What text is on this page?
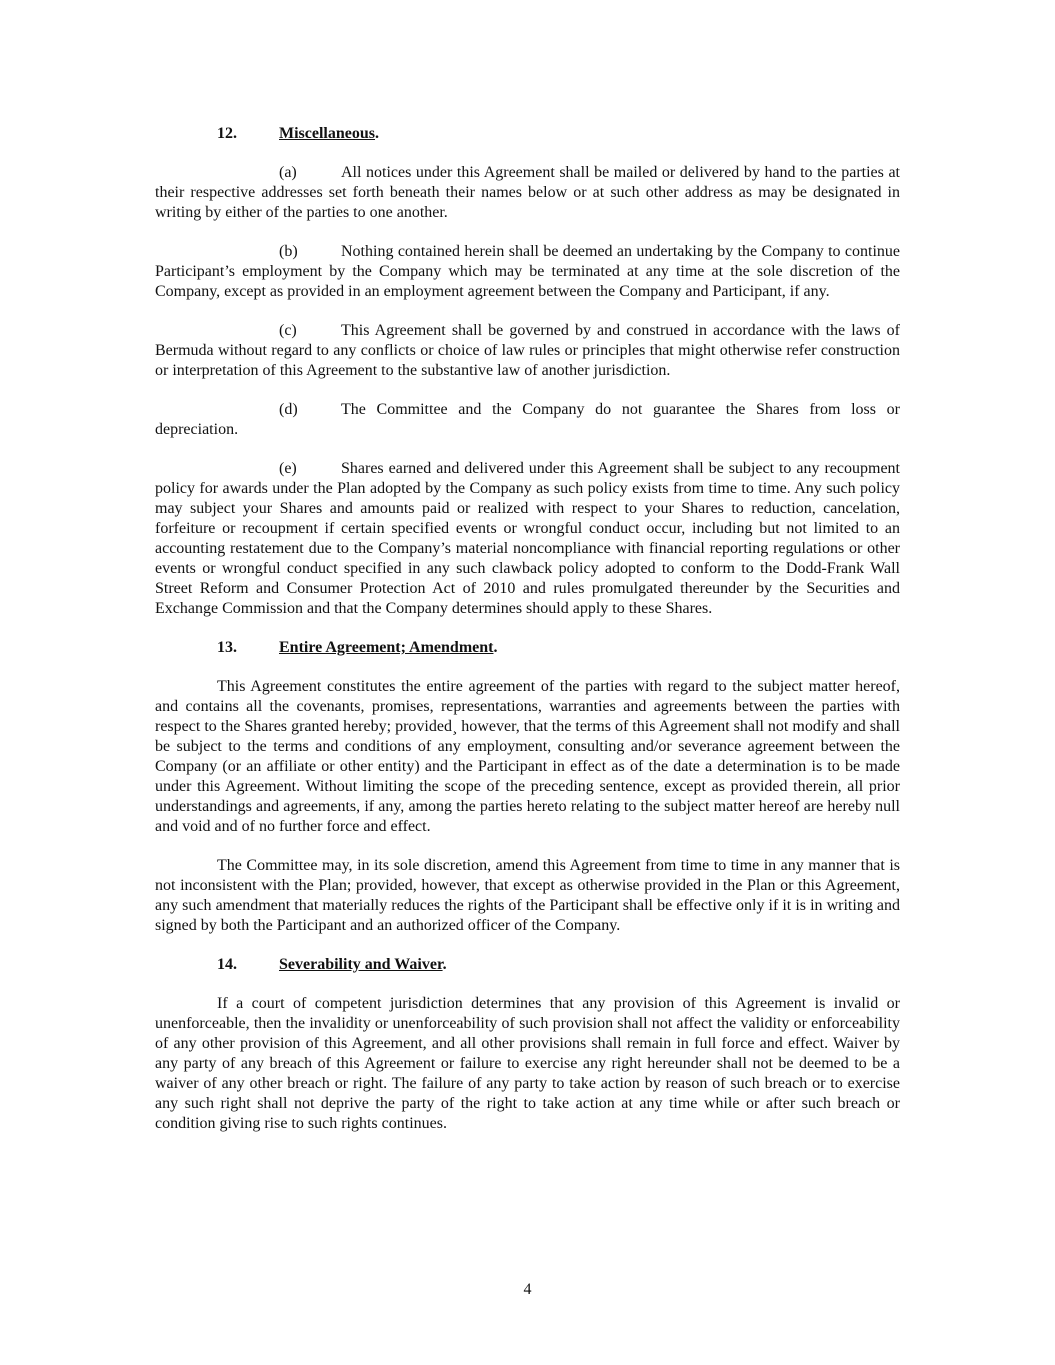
12.	Miscellaneous.

(a)	All notices under this Agreement shall be mailed or delivered by hand to the parties at their respective addresses set forth beneath their names below or at such other address as may be designated in writing by either of the parties to one another.

(b)	Nothing contained herein shall be deemed an undertaking by the Company to continue Participant’s employment by the Company which may be terminated at any time at the sole discretion of the Company, except as provided in an employment agreement between the Company and Participant, if any.

(c)	This Agreement shall be governed by and construed in accordance with the laws of Bermuda without regard to any conflicts or choice of law rules or principles that might otherwise refer construction or interpretation of this Agreement to the substantive law of another jurisdiction.

(d)	The Committee and the Company do not guarantee the Shares from loss or depreciation.

(e)	Shares earned and delivered under this Agreement shall be subject to any recoupment policy for awards under the Plan adopted by the Company as such policy exists from time to time. Any such policy may subject your Shares and amounts paid or realized with respect to your Shares to reduction, cancelation, forfeiture or recoupment if certain specified events or wrongful conduct occur, including but not limited to an accounting restatement due to the Company’s material noncompliance with financial reporting regulations or other events or wrongful conduct specified in any such clawback policy adopted to conform to the Dodd-Frank Wall Street Reform and Consumer Protection Act of 2010 and rules promulgated thereunder by the Securities and Exchange Commission and that the Company determines should apply to these Shares.

13.	Entire Agreement; Amendment.

This Agreement constitutes the entire agreement of the parties with regard to the subject matter hereof, and contains all the covenants, promises, representations, warranties and agreements between the parties with respect to the Shares granted hereby; provided¸ however, that the terms of this Agreement shall not modify and shall be subject to the terms and conditions of any employment, consulting and/or severance agreement between the Company (or an affiliate or other entity) and the Participant in effect as of the date a determination is to be made under this Agreement. Without limiting the scope of the preceding sentence, except as provided therein, all prior understandings and agreements, if any, among the parties hereto relating to the subject matter hereof are hereby null and void and of no further force and effect.

The Committee may, in its sole discretion, amend this Agreement from time to time in any manner that is not inconsistent with the Plan; provided, however, that except as otherwise provided in the Plan or this Agreement, any such amendment that materially reduces the rights of the Participant shall be effective only if it is in writing and signed by both the Participant and an authorized officer of the Company.

14.	Severability and Waiver.

If a court of competent jurisdiction determines that any provision of this Agreement is invalid or unenforceable, then the invalidity or unenforceability of such provision shall not affect the validity or enforceability of any other provision of this Agreement, and all other provisions shall remain in full force and effect. Waiver by any party of any breach of this Agreement or failure to exercise any right hereunder shall not be deemed to be a waiver of any other breach or right. The failure of any party to take action by reason of such breach or to exercise any such right shall not deprive the party of the right to take action at any time while or after such breach or condition giving rise to such rights continues.

4
